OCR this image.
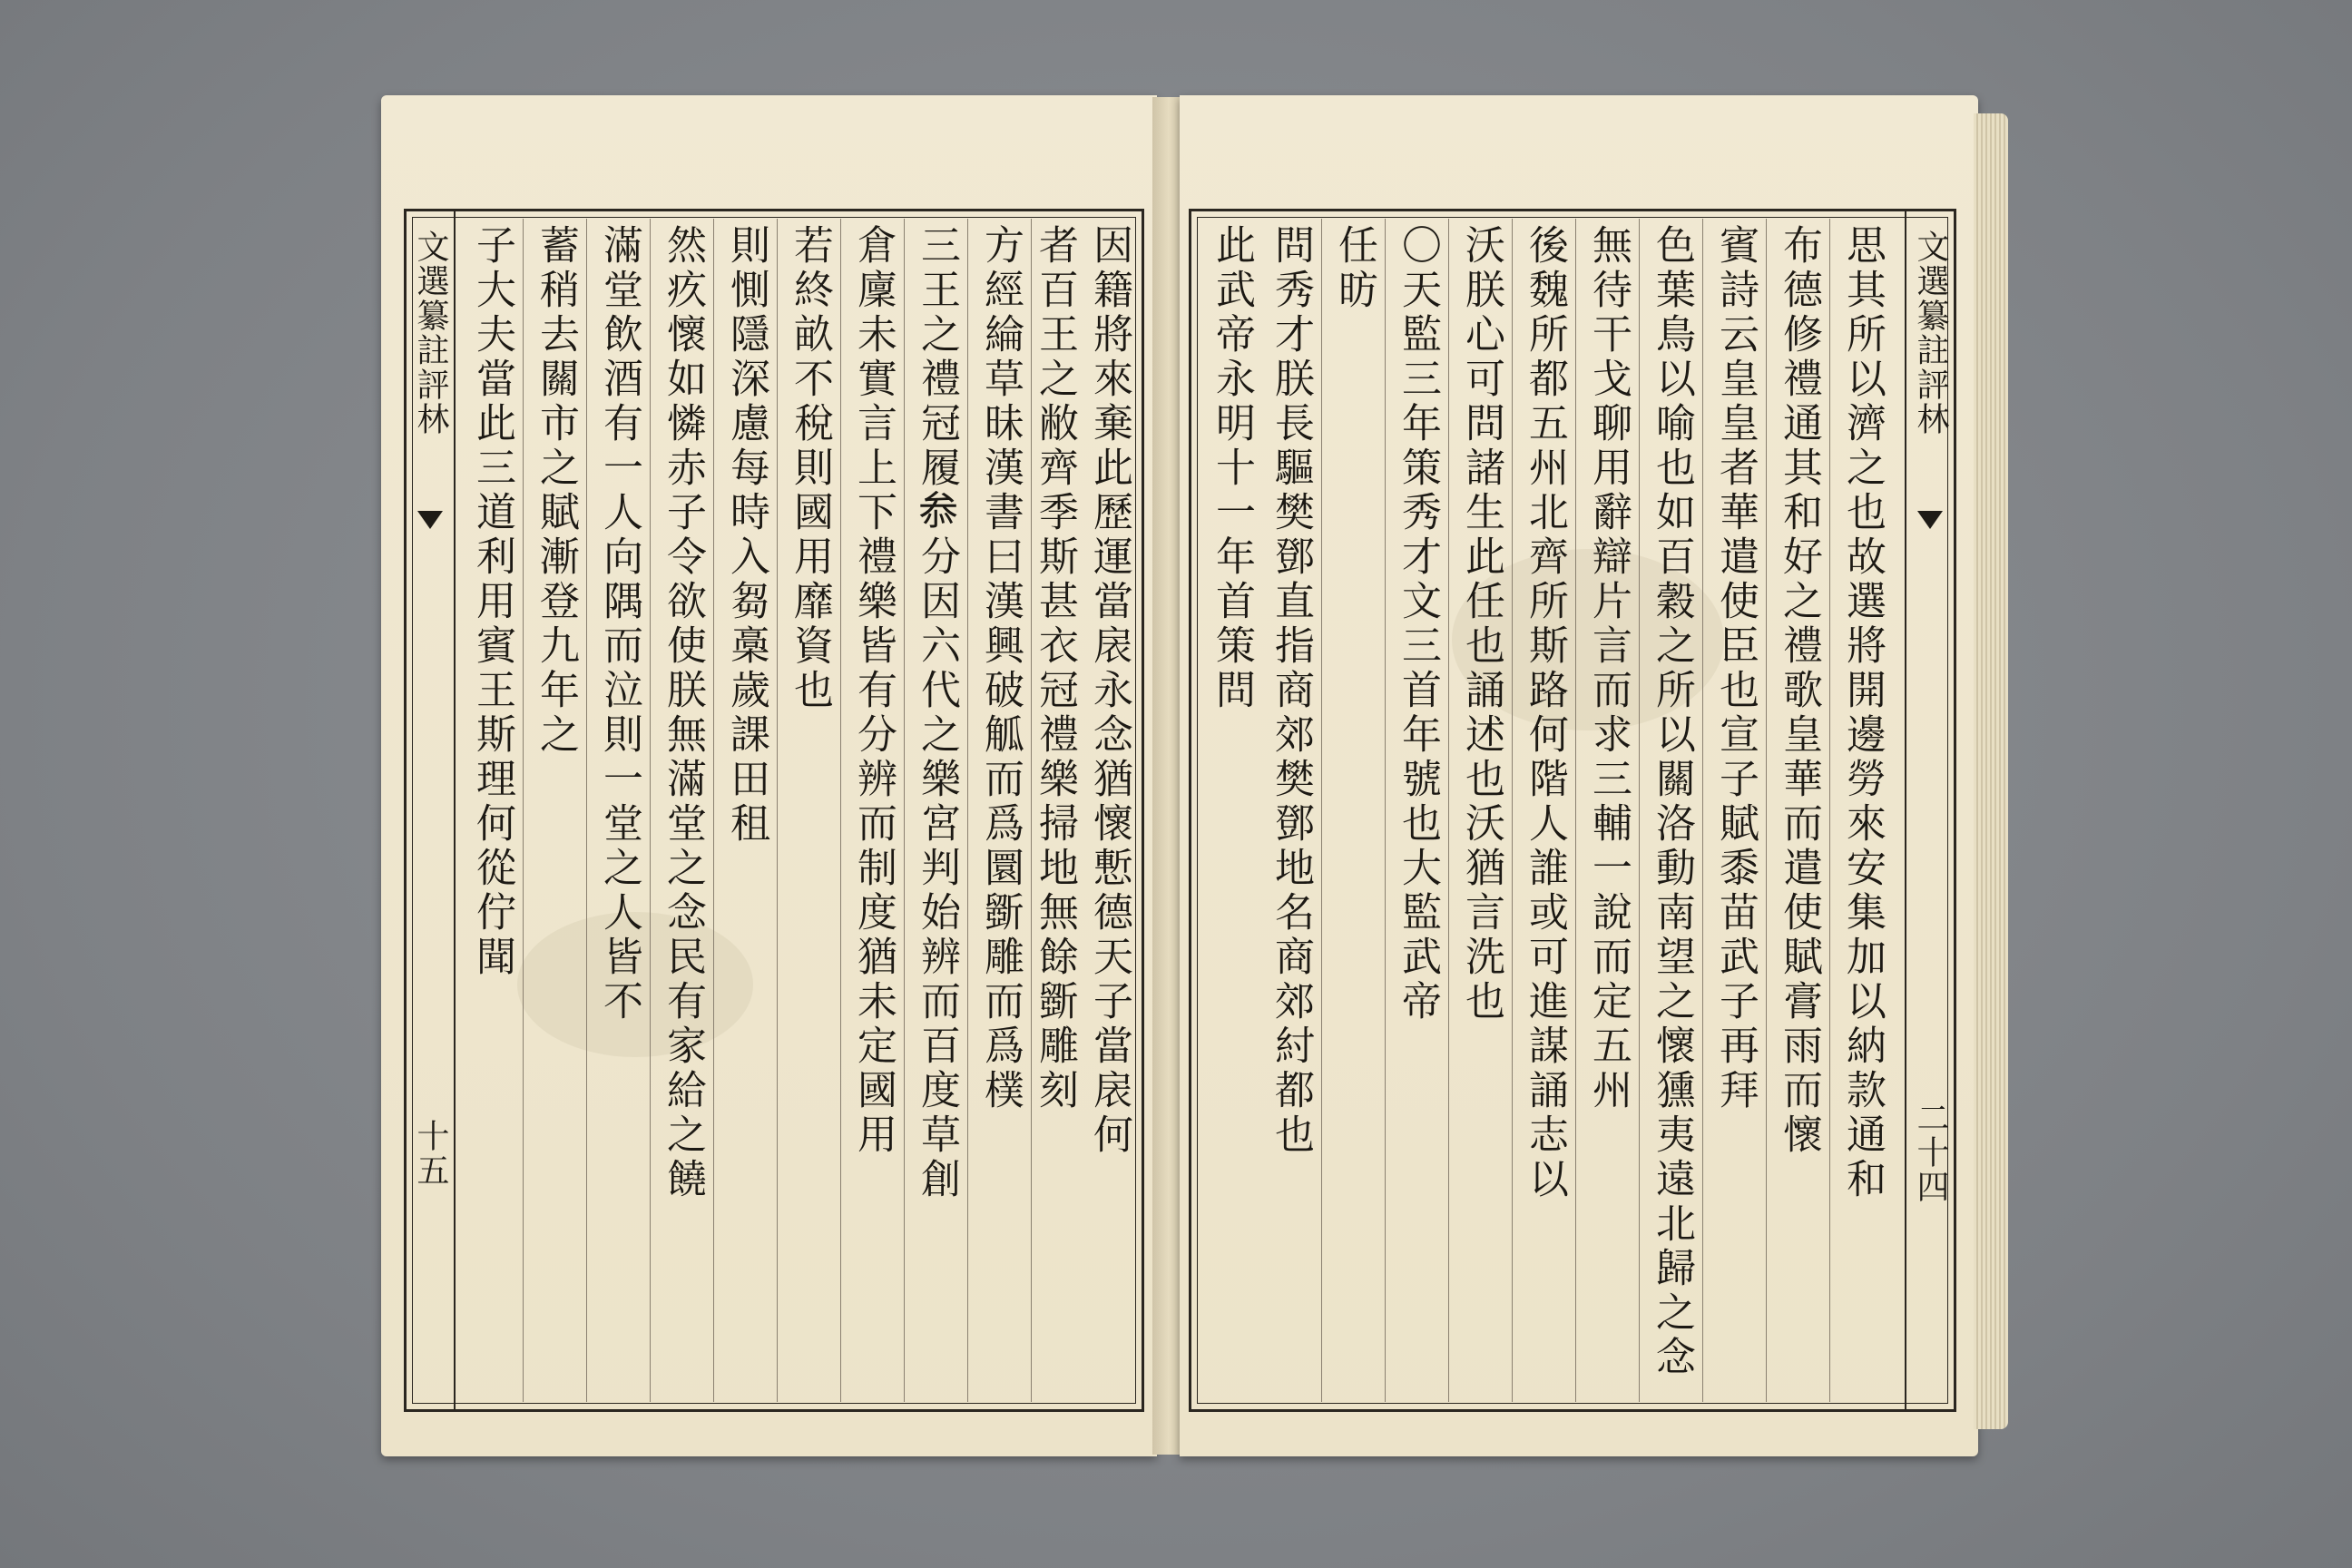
文選纂註評林
十五
子大夫當此三道利用賓王斯理何從佇聞 蓄稍去關市之賦漸登九年之 滿堂飲酒有一人向隅而泣則一堂之人皆不 然疚懷如憐赤子令欲使朕無滿堂之念民有家給之饒 則惻隱深慮每時入芻槀歲課田租 若終畝不稅則國用靡資也 倉廩未實言上下禮樂皆有分辨而制度猶未定國用 三王之禮冠履𠫵分因六代之樂宮判始辨而百度草創 方經綸草昧漢書曰漢興破觚而爲圜斵雕而爲樸 者百王之敝齊季斯甚衣冠禮樂掃地無餘斵雕刻 因籍將來棄此歷運當扆永念猶懷慙德天子當扆何	文選纂註評林
二十四
此武帝永明十一年首策問 問秀才朕長驅樊鄧直指商郊樊鄧地名商郊紂都也 任昉 〇天監三年策秀才文三首年號也大監武帝 沃朕心可問諸生此任也誦述也沃猶言洗也 後魏所都五州北齊所斯路何階人誰或可進謀誦志以 無待干戈聊用辭辯片言而求三輔一說而定五州 色葉鳥以喻也如百穀之所以關洛動南望之懷獯夷遠北歸之念 賓詩云皇皇者華遣使臣也宣子賦黍苗武子再拜 布德修禮通其和好之禮歌皇華而遣使賦膏雨而懷 思其所以濟之也故選將開邊勞來安集加以納款通和
